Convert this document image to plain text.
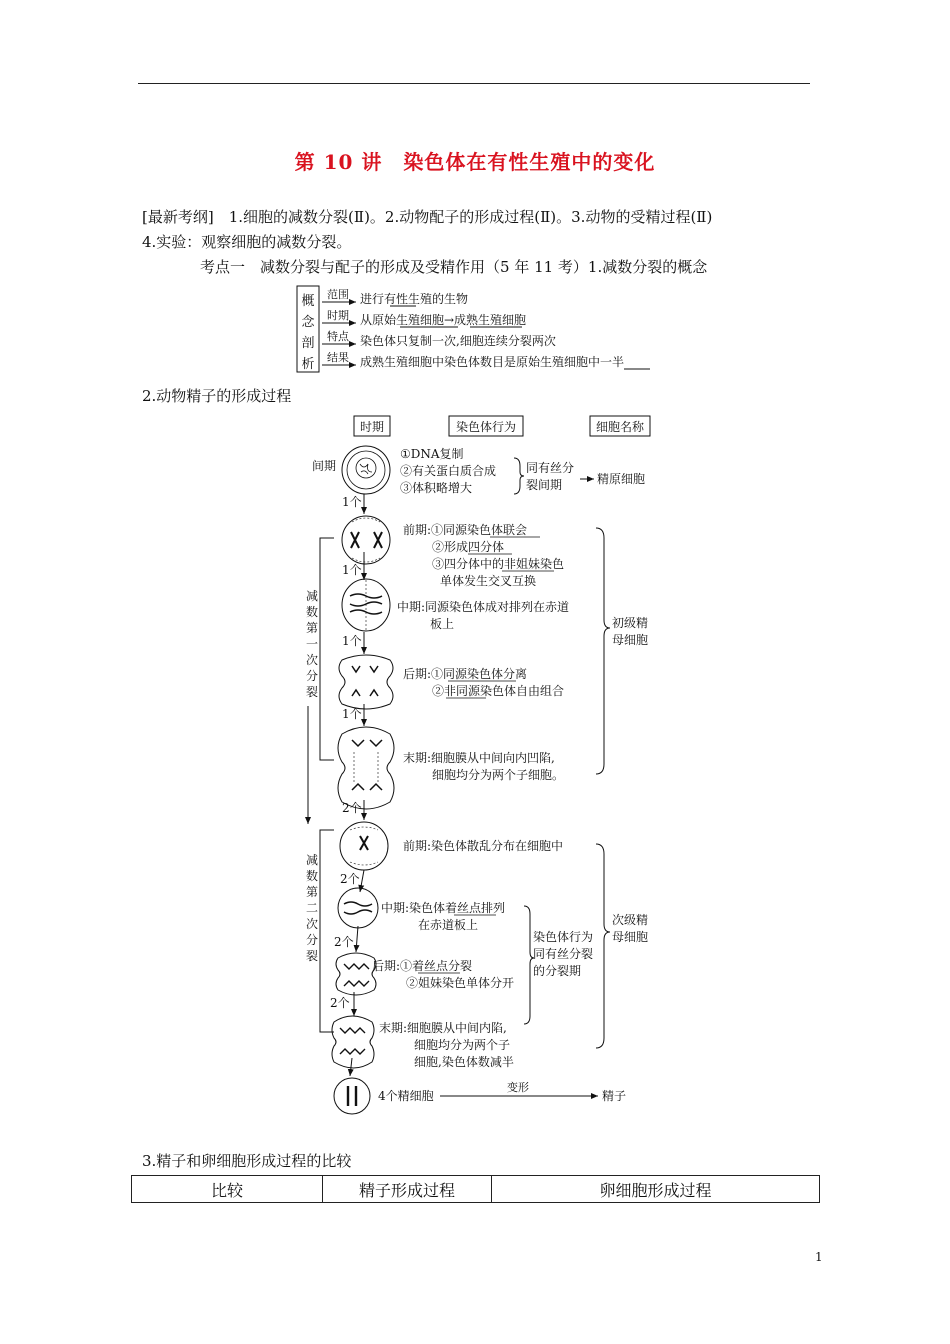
第 10 讲　染色体在有性生殖中的变化
[最新考纲]　1.细胞的减数分裂(Ⅱ)。2.动物配子的形成过程(Ⅱ)。3.动物的受精过程(Ⅱ)
4.实验：观察细胞的减数分裂。
考点一　减数分裂与配子的形成及受精作用（5 年 11 考）1.减数分裂的概念
2.动物精子的形成过程
3.精子和卵细胞形成过程的比较
概
念
剖
析
范围 进行有性生殖的生物
时期 从原始生殖细胞→成熟生殖细胞
特点 染色体只复制一次,细胞连续分裂两次
结果 成熟生殖细胞中染色体数目是原始生殖细胞中一半
时期	染色体行为	细胞名称
1个
1个
1个
1个
2个
2个
2个
2个
间期
①DNA复制
②有关蛋白质合成
③体积略增大
同有丝分
裂间期	精原细胞
减
数
第
一
次
分
裂
前期:①同源染色体联会
②形成四分体
③四分体中的非姐妹染色
单体发生交叉互换
中期:同源染色体成对排列在赤道
板上
后期:①同源染色体分离
②非同源染色体自由组合
末期:细胞膜从中间向内凹陷,
细胞均分为两个子细胞。
初级精
母细胞
减
数
第
二
次
分
裂
前期:染色体散乱分布在细胞中
中期:染色体着丝点排列
在赤道板上
后期:①着丝点分裂
②姐妹染色单体分开
末期:细胞膜从中间内陷,
细胞均分为两个子
细胞,染色体数减半
染色体行为
同有丝分裂
的分裂期
次级精
母细胞
4个精细胞
变形
精子
比较	精子形成过程	卵细胞形成过程
1
